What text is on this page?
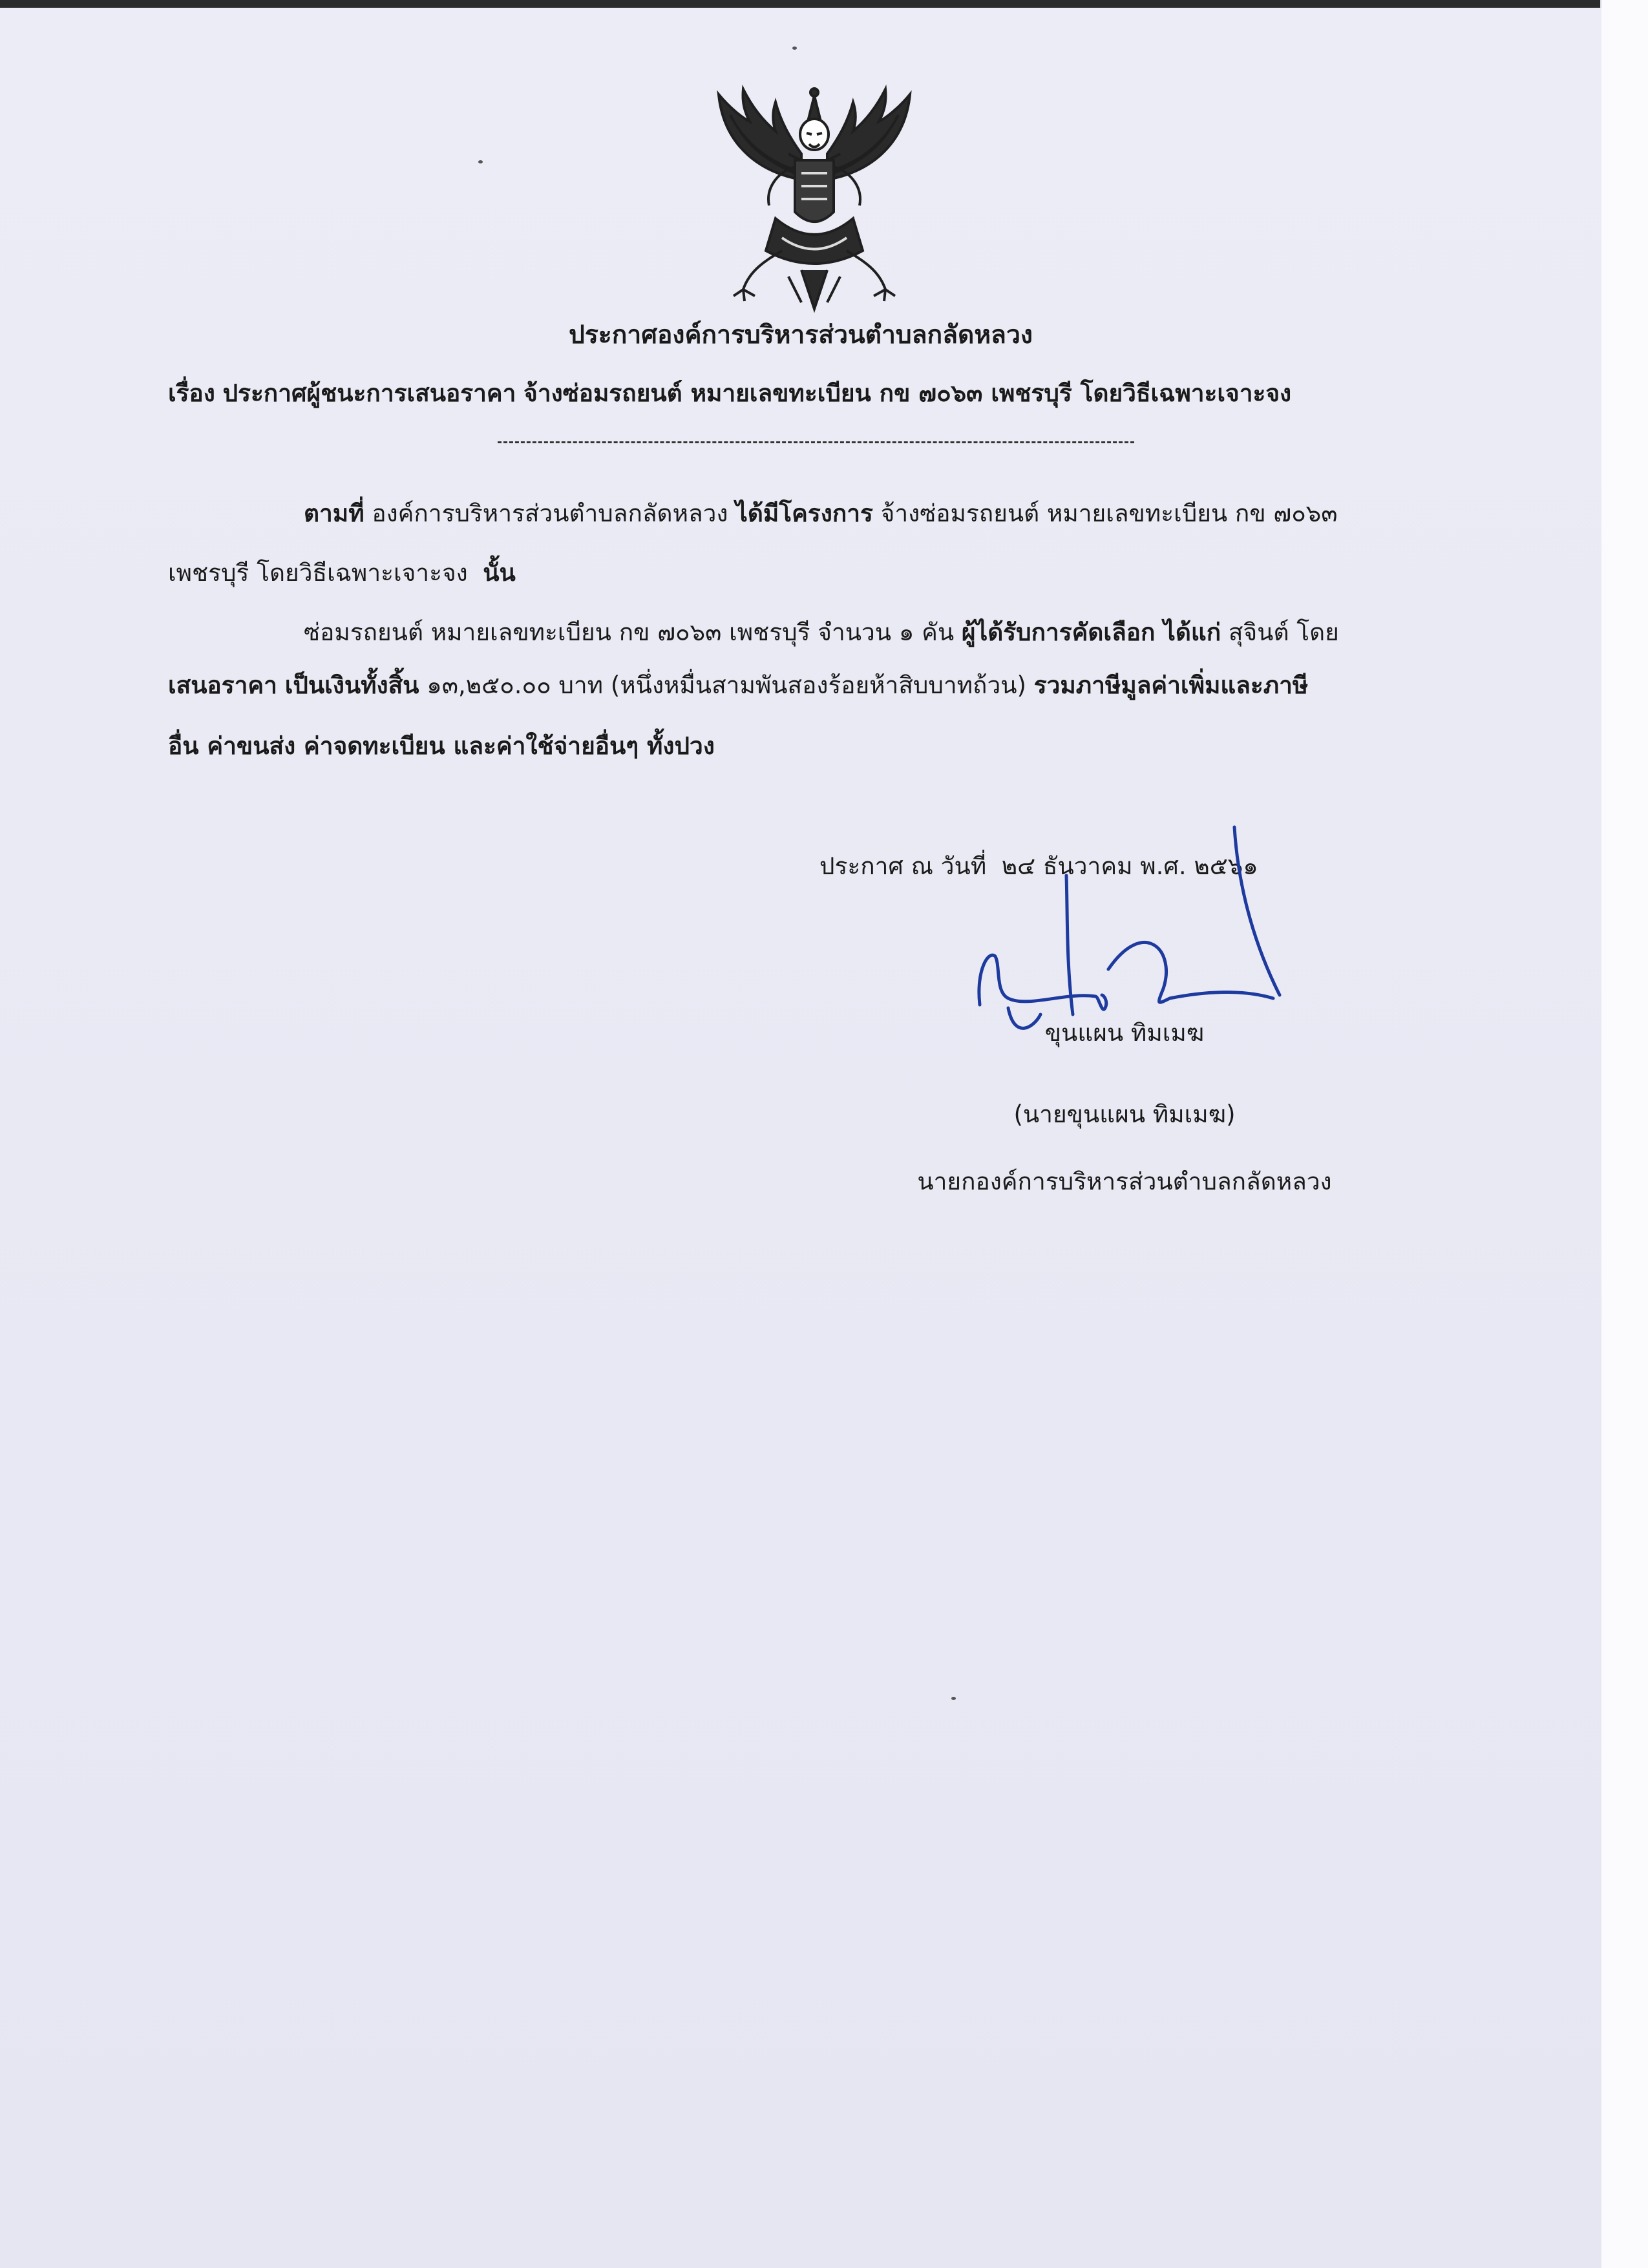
ประกาศองค์การบริหารส่วนตำบลกลัดหลวง
เรื่อง ประกาศผู้ชนะการเสนอราคา จ้างซ่อมรถยนต์ หมายเลขทะเบียน กข ๗๐๖๓ เพชรบุรี โดยวิธีเฉพาะเจาะจง
ตามที่ องค์การบริหารส่วนตำบลกลัดหลวง ได้มีโครงการ จ้างซ่อมรถยนต์ หมายเลขทะเบียน กข ๗๐๖๓
เพชรบุรี โดยวิธีเฉพาะเจาะจง นั้น
ซ่อมรถยนต์ หมายเลขทะเบียน กข ๗๐๖๓ เพชรบุรี จำนวน ๑ คัน ผู้ได้รับการคัดเลือก ได้แก่ สุจินต์ โดย
เสนอราคา เป็นเงินทั้งสิ้น ๑๓,๒๕๐.๐๐ บาท (หนึ่งหมื่นสามพันสองร้อยห้าสิบบาทถ้วน) รวมภาษีมูลค่าเพิ่มและภาษี
อื่น ค่าขนส่ง ค่าจดทะเบียน และค่าใช้จ่ายอื่นๆ ทั้งปวง
ประกาศ ณ วันที่ ๒๔ ธันวาคม พ.ศ. ๒๕๖๑
ขุนแผน ทิมเมฆ
(นายขุนแผน ทิมเมฆ)
นายกองค์การบริหารส่วนตำบลกลัดหลวง
